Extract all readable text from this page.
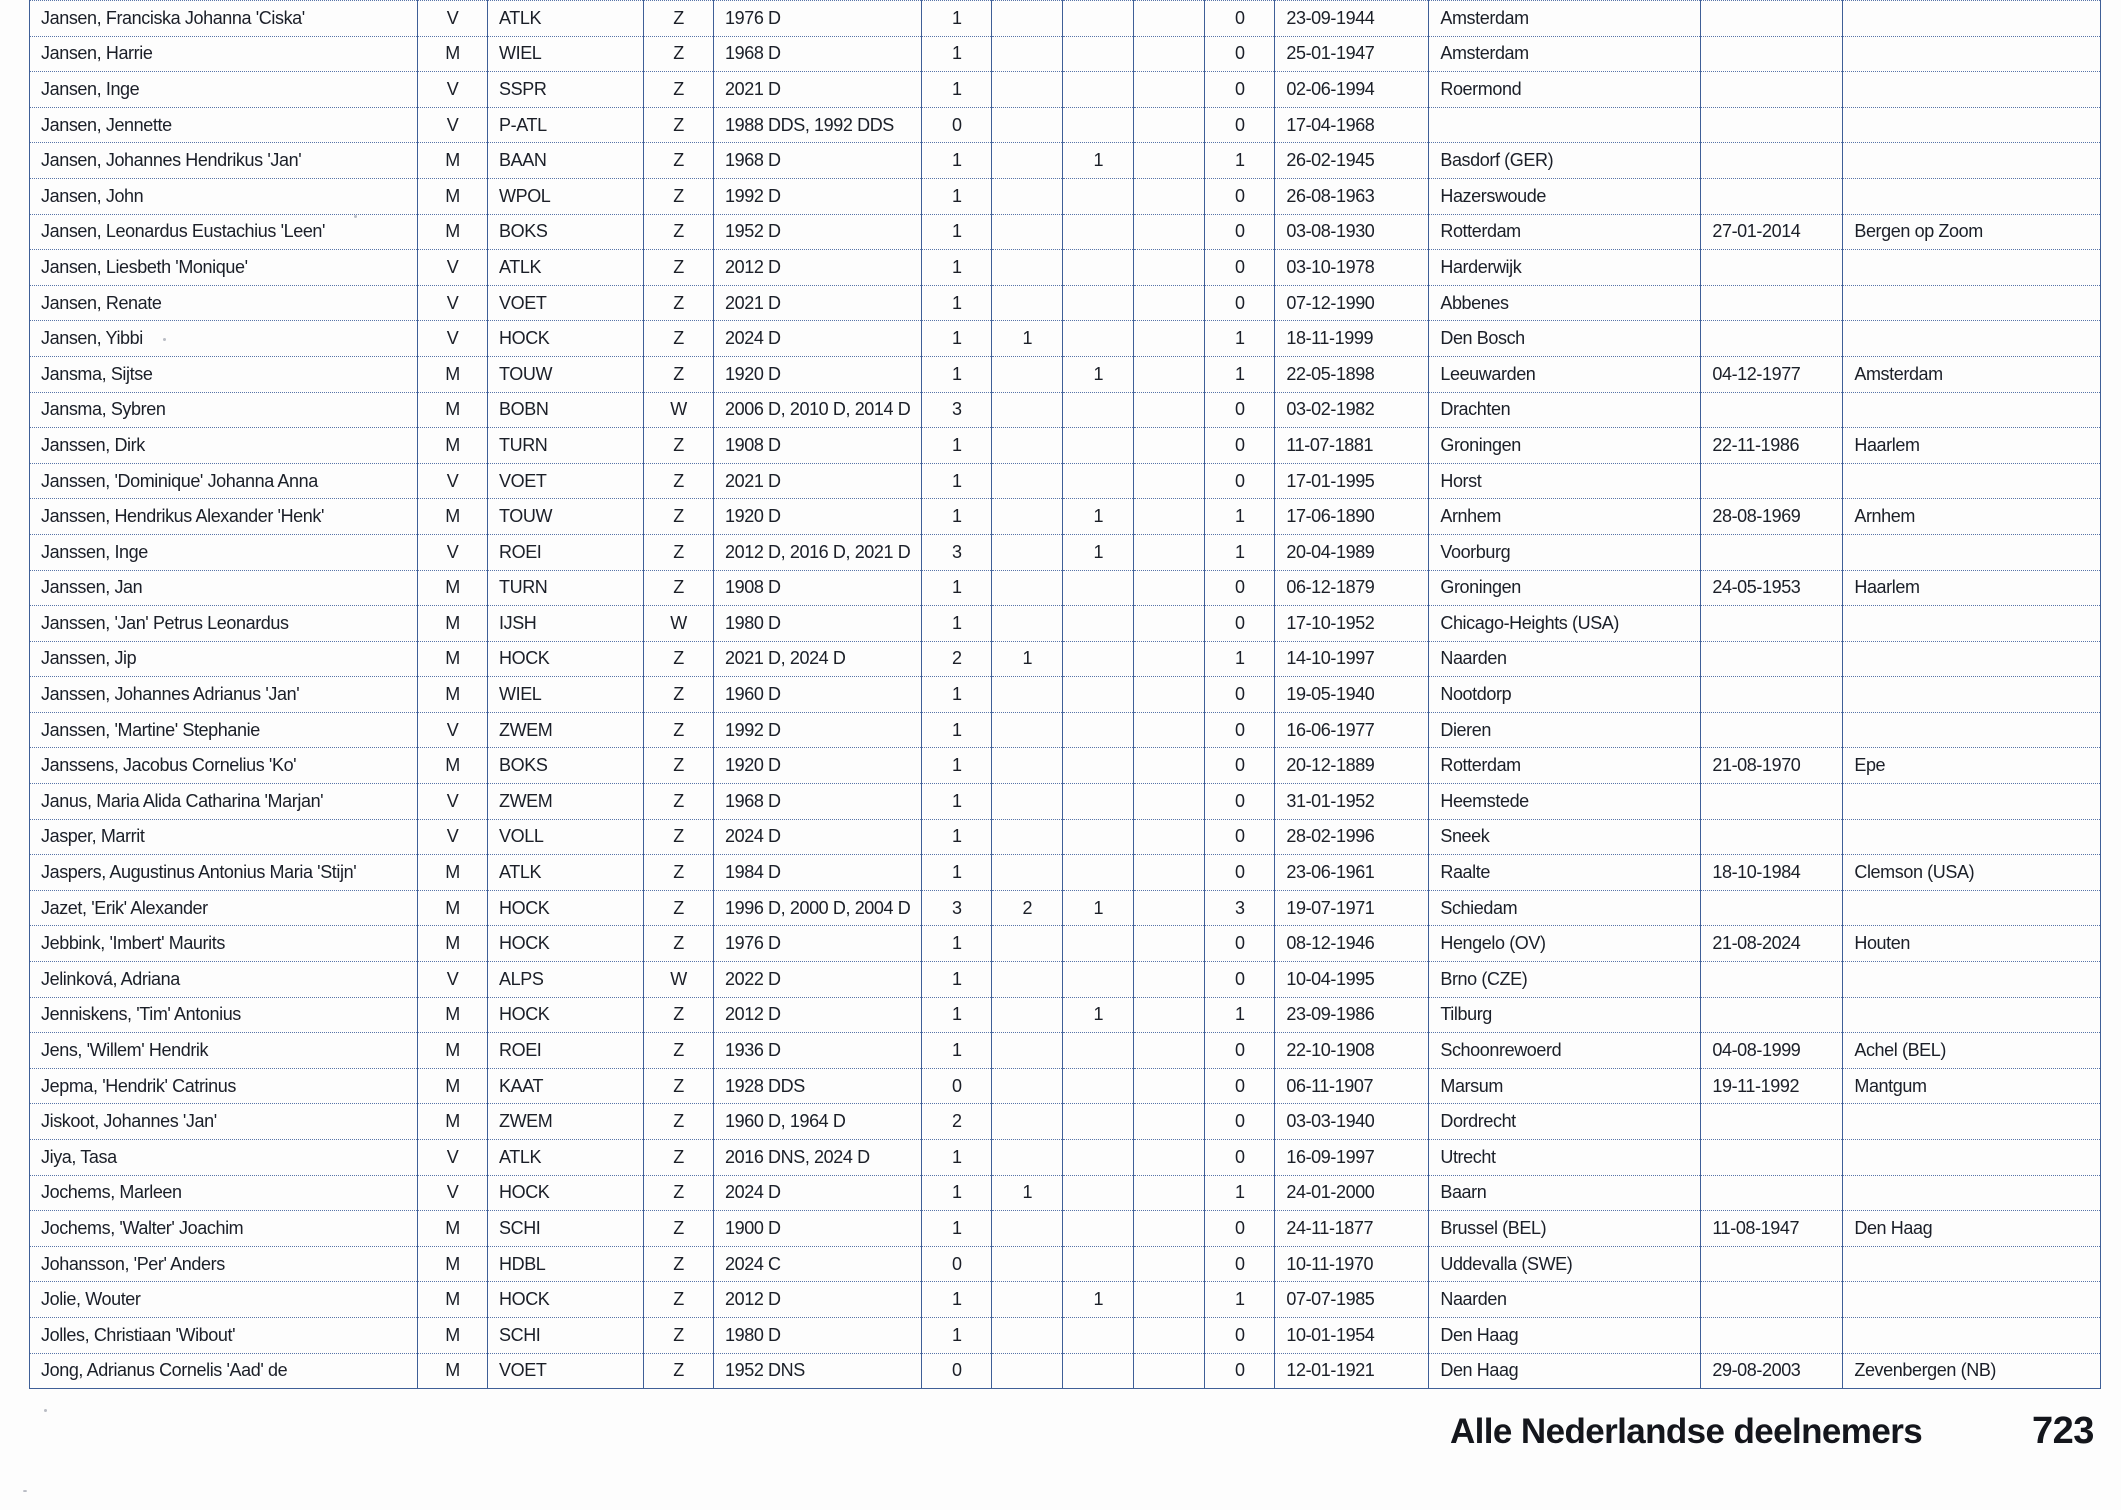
Jansen, Franciska Johanna 'Ciska'	V	ATLK	Z	1976 D	1				0	23-09-1944	Amsterdam		
Jansen, Harrie	M	WIEL	Z	1968 D	1				0	25-01-1947	Amsterdam		
Jansen, Inge	V	SSPR	Z	2021 D	1				0	02-06-1994	Roermond		
Jansen, Jennette	V	P-ATL	Z	1988 DDS, 1992 DDS	0				0	17-04-1968			
Jansen, Johannes Hendrikus 'Jan'	M	BAAN	Z	1968 D	1		1		1	26-02-1945	Basdorf (GER)		
Jansen, John	M	WPOL	Z	1992 D	1				0	26-08-1963	Hazerswoude		
Jansen, Leonardus Eustachius 'Leen'	M	BOKS	Z	1952 D	1				0	03-08-1930	Rotterdam	27-01-2014	Bergen op Zoom
Jansen, Liesbeth 'Monique'	V	ATLK	Z	2012 D	1				0	03-10-1978	Harderwijk		
Jansen, Renate	V	VOET	Z	2021 D	1				0	07-12-1990	Abbenes		
Jansen, Yibbi	V	HOCK	Z	2024 D	1	1			1	18-11-1999	Den Bosch		
Jansma, Sijtse	M	TOUW	Z	1920 D	1		1		1	22-05-1898	Leeuwarden	04-12-1977	Amsterdam
Jansma, Sybren	M	BOBN	W	2006 D, 2010 D, 2014 D	3				0	03-02-1982	Drachten		
Janssen, Dirk	M	TURN	Z	1908 D	1				0	11-07-1881	Groningen	22-11-1986	Haarlem
Janssen, 'Dominique' Johanna Anna	V	VOET	Z	2021 D	1				0	17-01-1995	Horst		
Janssen, Hendrikus Alexander 'Henk'	M	TOUW	Z	1920 D	1		1		1	17-06-1890	Arnhem	28-08-1969	Arnhem
Janssen, Inge	V	ROEI	Z	2012 D, 2016 D, 2021 D	3		1		1	20-04-1989	Voorburg		
Janssen, Jan	M	TURN	Z	1908 D	1				0	06-12-1879	Groningen	24-05-1953	Haarlem
Janssen, 'Jan' Petrus Leonardus	M	IJSH	W	1980 D	1				0	17-10-1952	Chicago-Heights (USA)		
Janssen, Jip	M	HOCK	Z	2021 D, 2024 D	2	1			1	14-10-1997	Naarden		
Janssen, Johannes Adrianus 'Jan'	M	WIEL	Z	1960 D	1				0	19-05-1940	Nootdorp		
Janssen, 'Martine' Stephanie	V	ZWEM	Z	1992 D	1				0	16-06-1977	Dieren		
Janssens, Jacobus Cornelius 'Ko'	M	BOKS	Z	1920 D	1				0	20-12-1889	Rotterdam	21-08-1970	Epe
Janus, Maria Alida Catharina 'Marjan'	V	ZWEM	Z	1968 D	1				0	31-01-1952	Heemstede		
Jasper, Marrit	V	VOLL	Z	2024 D	1				0	28-02-1996	Sneek		
Jaspers, Augustinus Antonius Maria 'Stijn'	M	ATLK	Z	1984 D	1				0	23-06-1961	Raalte	18-10-1984	Clemson (USA)
Jazet, 'Erik' Alexander	M	HOCK	Z	1996 D, 2000 D, 2004 D	3	2	1		3	19-07-1971	Schiedam		
Jebbink, 'Imbert' Maurits	M	HOCK	Z	1976 D	1				0	08-12-1946	Hengelo (OV)	21-08-2024	Houten
Jelinková, Adriana	V	ALPS	W	2022 D	1				0	10-04-1995	Brno (CZE)		
Jenniskens, 'Tim' Antonius	M	HOCK	Z	2012 D	1		1		1	23-09-1986	Tilburg		
Jens, 'Willem' Hendrik	M	ROEI	Z	1936 D	1				0	22-10-1908	Schoonrewoerd	04-08-1999	Achel (BEL)
Jepma, 'Hendrik' Catrinus	M	KAAT	Z	1928 DDS	0				0	06-11-1907	Marsum	19-11-1992	Mantgum
Jiskoot, Johannes 'Jan'	M	ZWEM	Z	1960 D, 1964 D	2				0	03-03-1940	Dordrecht		
Jiya, Tasa	V	ATLK	Z	2016 DNS, 2024 D	1				0	16-09-1997	Utrecht		
Jochems, Marleen	V	HOCK	Z	2024 D	1	1			1	24-01-2000	Baarn		
Jochems, 'Walter' Joachim	M	SCHI	Z	1900 D	1				0	24-11-1877	Brussel (BEL)	11-08-1947	Den Haag
Johansson, 'Per' Anders	M	HDBL	Z	2024 C	0				0	10-11-1970	Uddevalla (SWE)		
Jolie, Wouter	M	HOCK	Z	2012 D	1		1		1	07-07-1985	Naarden		
Jolles, Christiaan 'Wibout'	M	SCHI	Z	1980 D	1				0	10-01-1954	Den Haag		
Jong, Adrianus Cornelis 'Aad' de	M	VOET	Z	1952 DNS	0				0	12-01-1921	Den Haag	29-08-2003	Zevenbergen (NB)
Alle Nederlandse deelnemers	723
